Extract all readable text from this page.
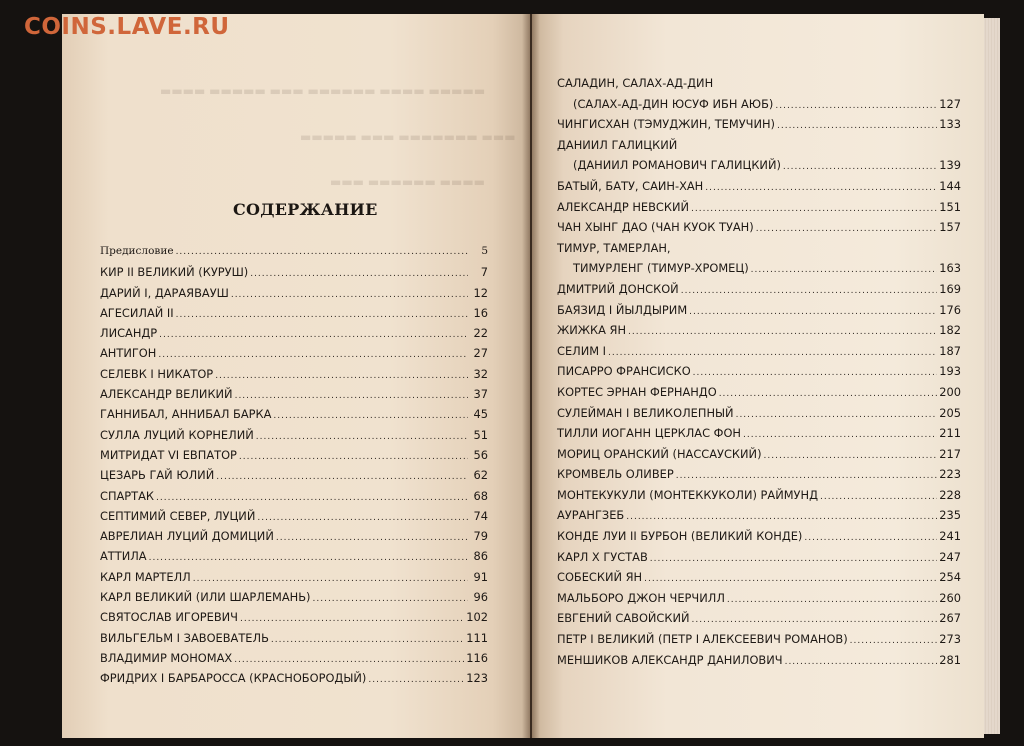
▬▬▬▬ ▬▬▬▬▬ ▬▬▬ ▬▬▬▬▬▬ ▬▬▬▬ ▬▬▬▬▬
▬▬▬▬▬ ▬▬▬ ▬▬▬▬▬▬▬ ▬▬▬
▬▬▬ ▬▬▬▬▬▬ ▬▬▬▬
COINS.LAVE.RU
СОДЕРЖАНИЕ
Предисловие .....	5
КИР II ВЕЛИКИЙ (КУРУШ) .....	7
ДАРИЙ I, ДАРАЯВАУШ .....	12
АГЕСИЛАЙ II .....	16
ЛИСАНДР .....	22
АНТИГОН .....	27
СЕЛЕВК I НИКАТОР .....	32
АЛЕКСАНДР ВЕЛИКИЙ .....	37
ГАННИБАЛ, АННИБАЛ БАРКА .....	45
СУЛЛА ЛУЦИЙ КОРНЕЛИЙ .....	51
МИТРИДАТ VI ЕВПАТОР .....	56
ЦЕЗАРЬ ГАЙ ЮЛИЙ .....	62
СПАРТАК .....	68
СЕПТИМИЙ СЕВЕР, ЛУЦИЙ .....	74
АВРЕЛИАН ЛУЦИЙ ДОМИЦИЙ .....	79
АТТИЛА .....	86
КАРЛ МАРТЕЛЛ .....	91
КАРЛ ВЕЛИКИЙ (ИЛИ ШАРЛЕМАНЬ) .....	96
СВЯТОСЛАВ ИГОРЕВИЧ .....	102
ВИЛЬГЕЛЬМ I ЗАВОЕВАТЕЛЬ .....	111
ВЛАДИМИР МОНОМАХ .....	116
ФРИДРИХ I БАРБАРОССА (КРАСНОБОРОДЫЙ) .....	123
САЛАДИН, САЛАХ-АД-ДИН
(САЛАХ-АД-ДИН ЮСУФ ИБН АЮБ) .....	127
ЧИНГИСХАН (ТЭМУДЖИН, ТЕМУЧИН) .....	133
ДАНИИЛ ГАЛИЦКИЙ
(ДАНИИЛ РОМАНОВИЧ ГАЛИЦКИЙ) .....	139
БАТЫЙ, БАТУ, САИН-ХАН .....	144
АЛЕКСАНДР НЕВСКИЙ .....	151
ЧАН ХЫНГ ДАО (ЧАН КУОК ТУАН) .....	157
ТИМУР, ТАМЕРЛАН,
ТИМУРЛЕНГ (ТИМУР-ХРОМЕЦ) .....	163
ДМИТРИЙ ДОНСКОЙ .....	169
БАЯЗИД I ЙЫЛДЫРИМ .....	176
ЖИЖКА ЯН .....	182
СЕЛИМ I .....	187
ПИСАРРО ФРАНСИСКО .....	193
КОРТЕС ЭРНАН ФЕРНАНДО .....	200
СУЛЕЙМАН I ВЕЛИКОЛЕПНЫЙ .....	205
ТИЛЛИ ИОГАНН ЦЕРКЛАС ФОН .....	211
МОРИЦ ОРАНСКИЙ (НАССАУСКИЙ) .....	217
КРОМВЕЛЬ ОЛИВЕР .....	223
МОНТЕКУКУЛИ (МОНТЕККУКОЛИ) РАЙМУНД .....	228
АУРАНГЗЕБ .....	235
КОНДЕ ЛУИ II БУРБОН (ВЕЛИКИЙ КОНДЕ) .....	241
КАРЛ Х ГУСТАВ .....	247
СОБЕСКИЙ ЯН .....	254
МАЛЬБОРО ДЖОН ЧЕРЧИЛЛ .....	260
ЕВГЕНИЙ САВОЙСКИЙ .....	267
ПЕТР I ВЕЛИКИЙ (ПЕТР I АЛЕКСЕЕВИЧ РОМАНОВ) .....	273
МЕНШИКОВ АЛЕКСАНДР ДАНИЛОВИЧ .....	281
